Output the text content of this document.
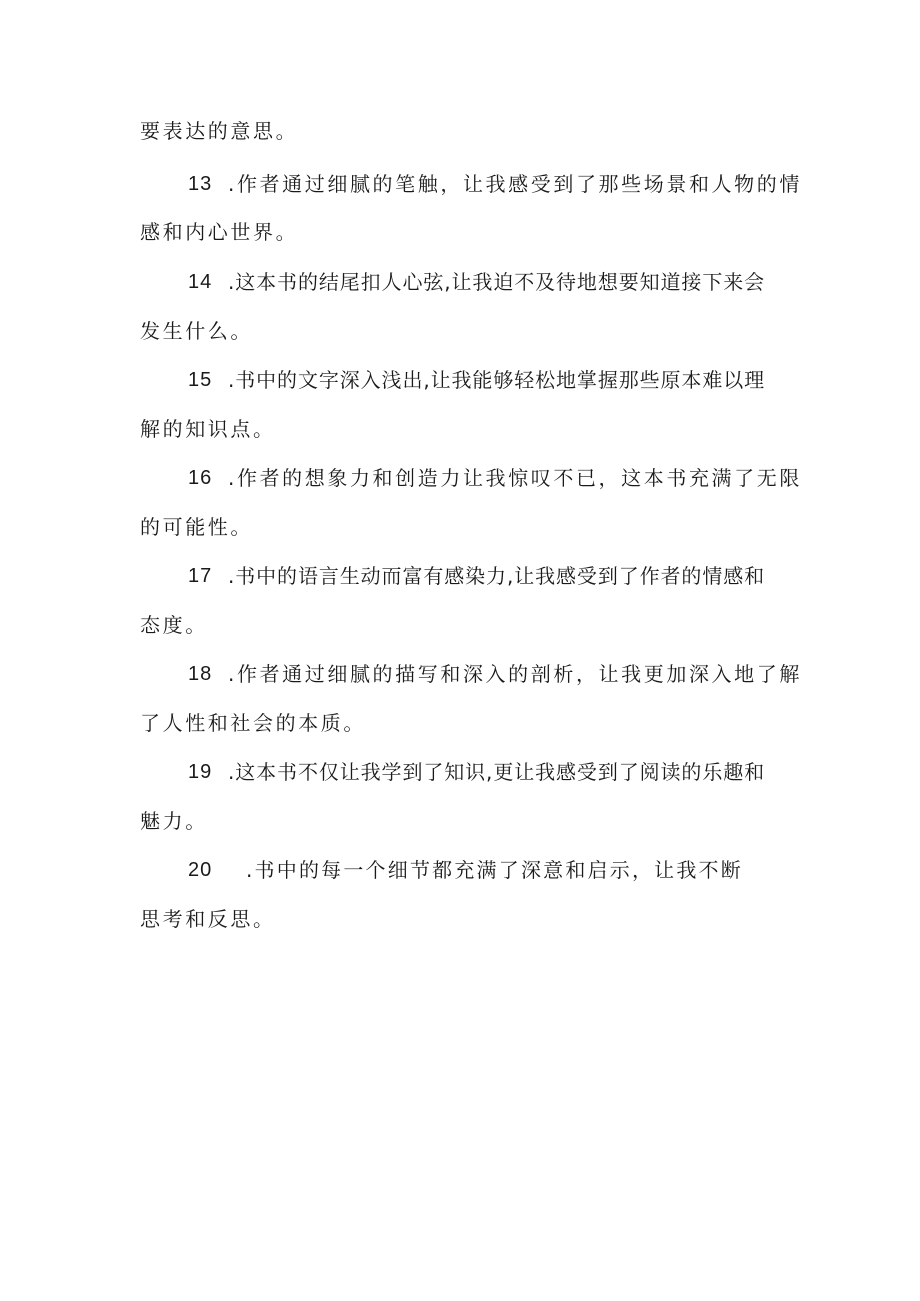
要表达的意思。
13 .作者通过细腻的笔触，让我感受到了那些场景和人物的情
感和内心世界。
14 .这本书的结尾扣人心弦,让我迫不及待地想要知道接下来会
发生什么。
15 .书中的文字深入浅出,让我能够轻松地掌握那些原本难以理
解的知识点。
16 .作者的想象力和创造力让我惊叹不已，这本书充满了无限
的可能性。
17 .书中的语言生动而富有感染力,让我感受到了作者的情感和
态度。
18 .作者通过细腻的描写和深入的剖析，让我更加深入地了解
了人性和社会的本质。
19 .这本书不仅让我学到了知识,更让我感受到了阅读的乐趣和
魅力。
20 .书中的每一个细节都充满了深意和启示，让我不断
思考和反思。
